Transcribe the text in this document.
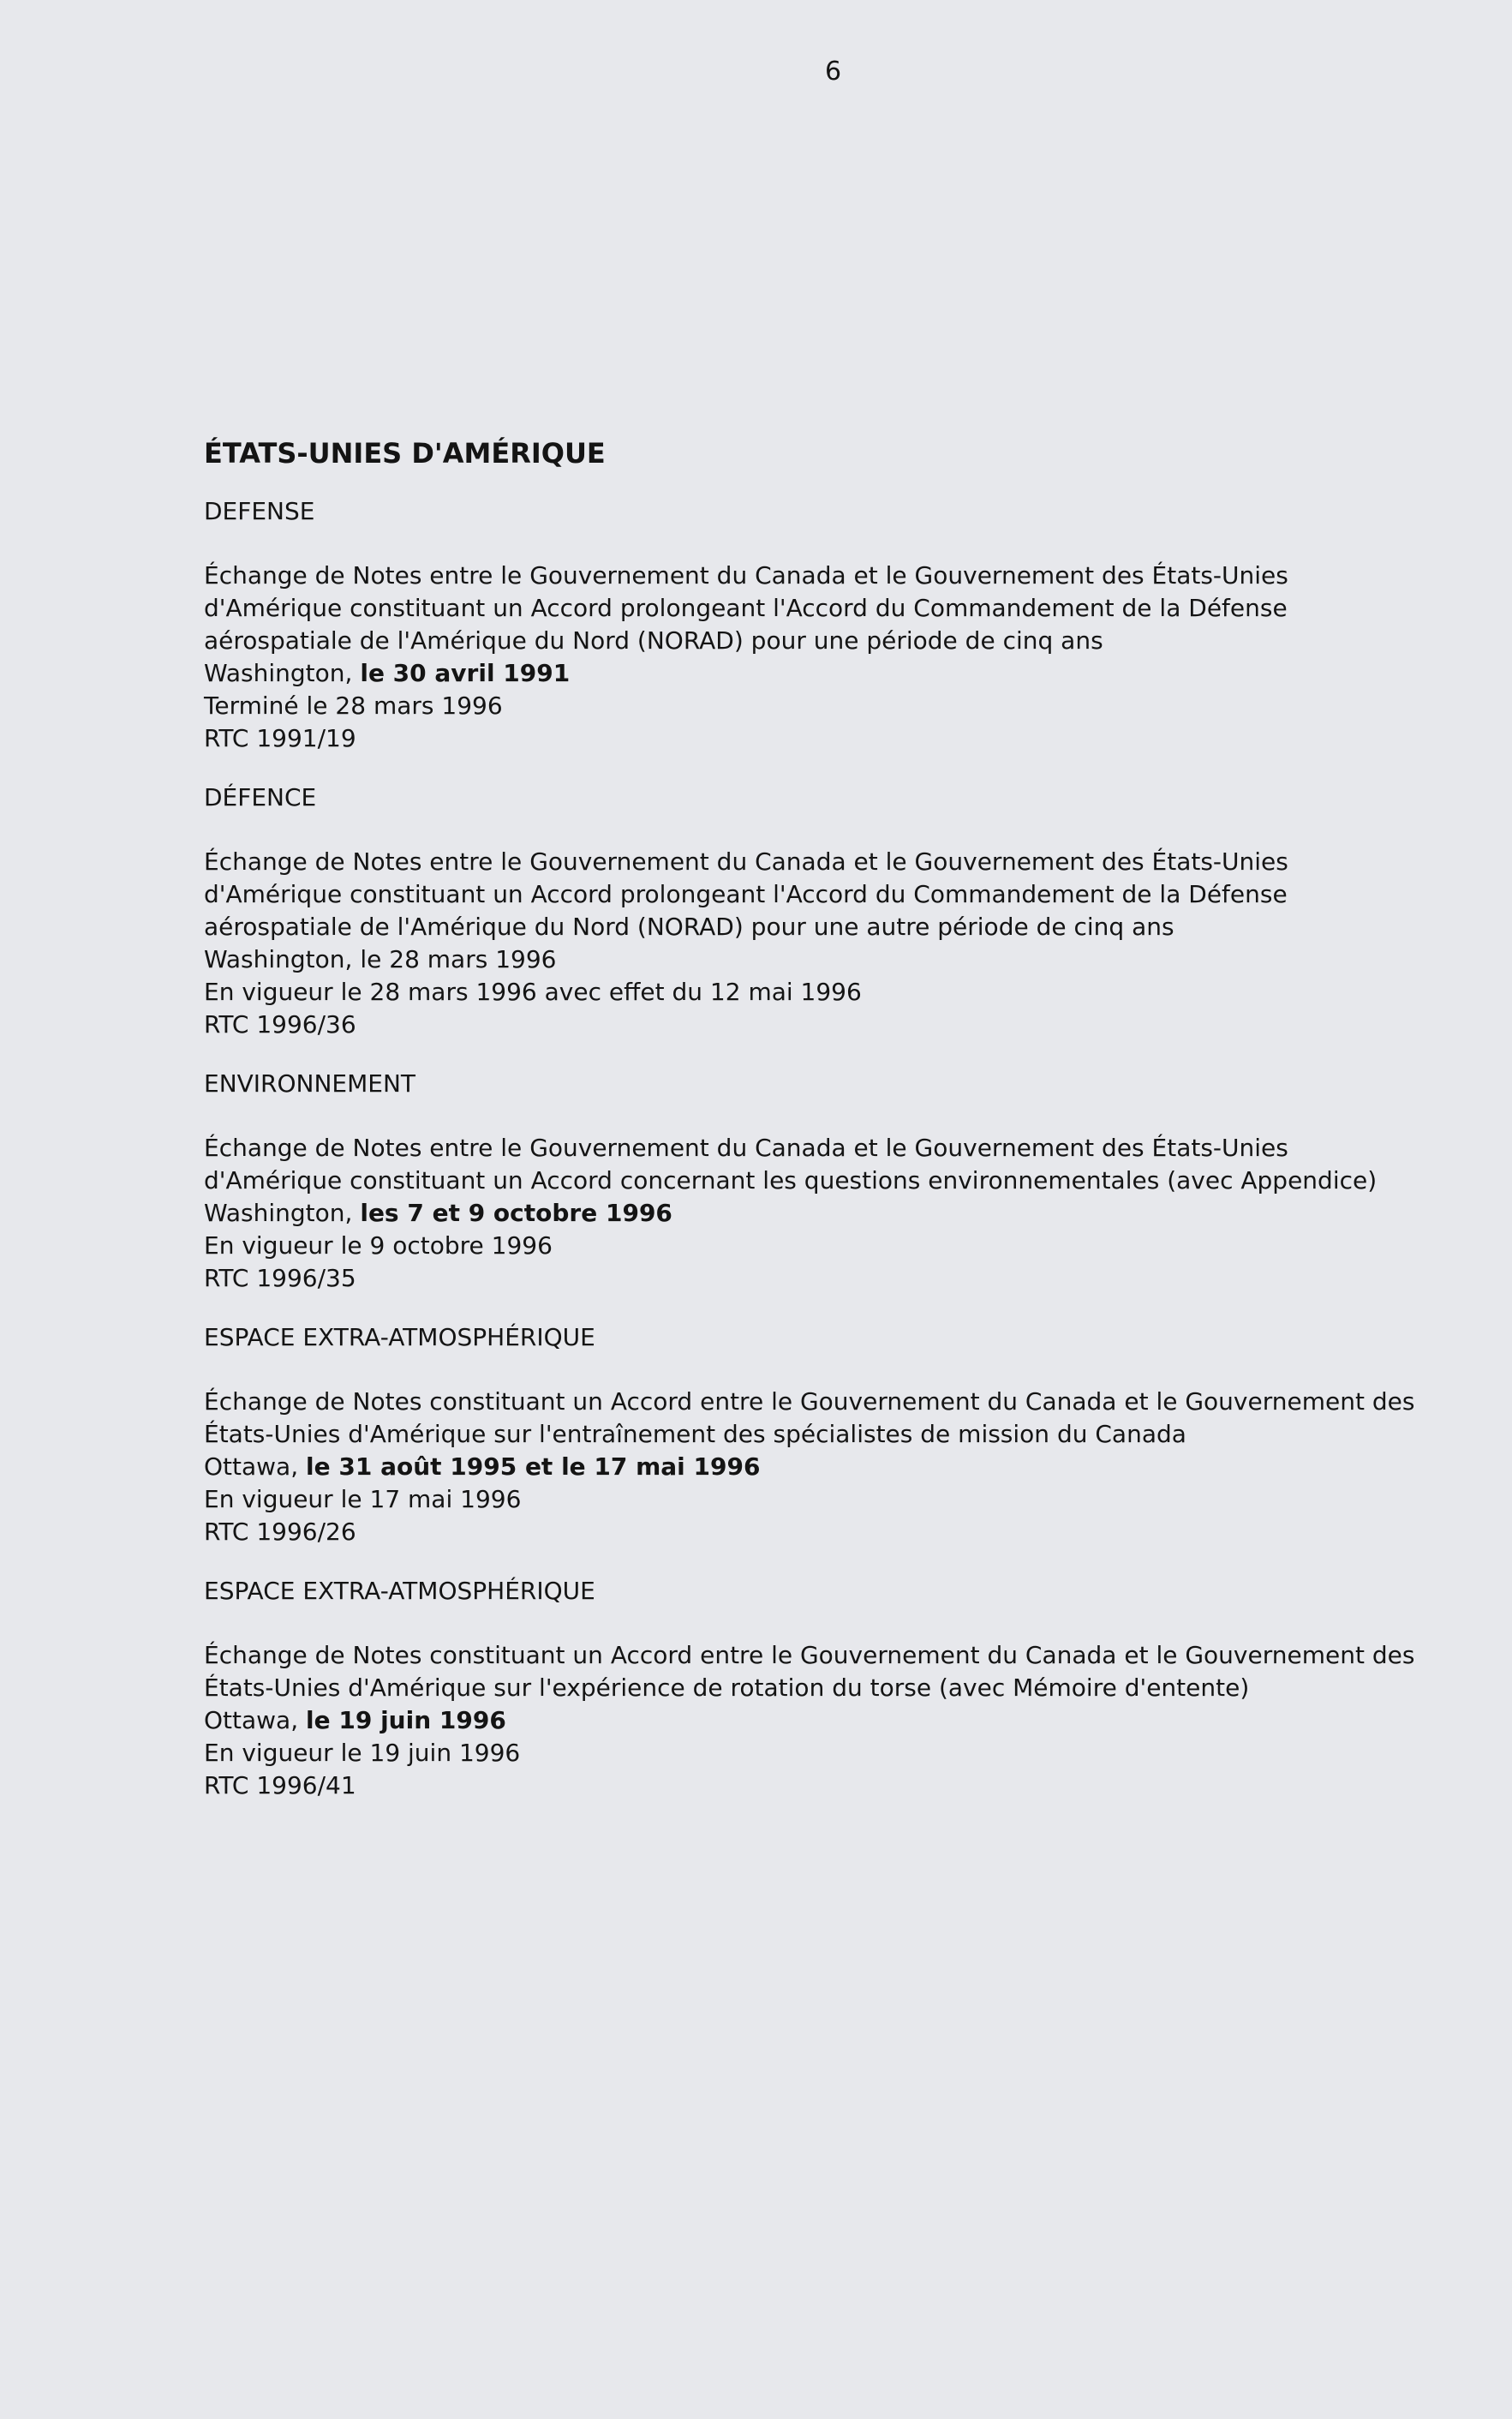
6
ÉTATS-UNIES D'AMÉRIQUE
DEFENSE
Échange de Notes entre le Gouvernement du Canada et le Gouvernement des États-Unies
d'Amérique constituant un Accord prolongeant l'Accord du Commandement de la Défense
aérospatiale de l'Amérique du Nord (NORAD) pour une période de cinq ans
Washington, le 30 avril 1991
Terminé le 28 mars 1996
RTC 1991/19
DÉFENCE
Échange de Notes entre le Gouvernement du Canada et le Gouvernement des États-Unies
d'Amérique constituant un Accord prolongeant l'Accord du Commandement de la Défense
aérospatiale de l'Amérique du Nord (NORAD) pour une autre période de cinq ans
Washington, le 28 mars 1996
En vigueur le 28 mars 1996 avec effet du 12 mai 1996
RTC 1996/36
ENVIRONNEMENT
Échange de Notes entre le Gouvernement du Canada et le Gouvernement des États-Unies
d'Amérique constituant un Accord concernant les questions environnementales (avec Appendice)
Washington, les 7 et 9 octobre 1996
En vigueur le 9 octobre 1996
RTC 1996/35
ESPACE EXTRA-ATMOSPHÉRIQUE
Échange de Notes constituant un Accord entre le Gouvernement du Canada et le Gouvernement des
États-Unies d'Amérique sur l'entraînement des spécialistes de mission du Canada
Ottawa, le 31 août 1995 et le 17 mai 1996
En vigueur le 17 mai 1996
RTC 1996/26
ESPACE EXTRA-ATMOSPHÉRIQUE
Échange de Notes constituant un Accord entre le Gouvernement du Canada et le Gouvernement des
États-Unies d'Amérique sur l'expérience de rotation du torse (avec Mémoire d'entente)
Ottawa, le 19 juin 1996
En vigueur le 19 juin 1996
RTC 1996/41
